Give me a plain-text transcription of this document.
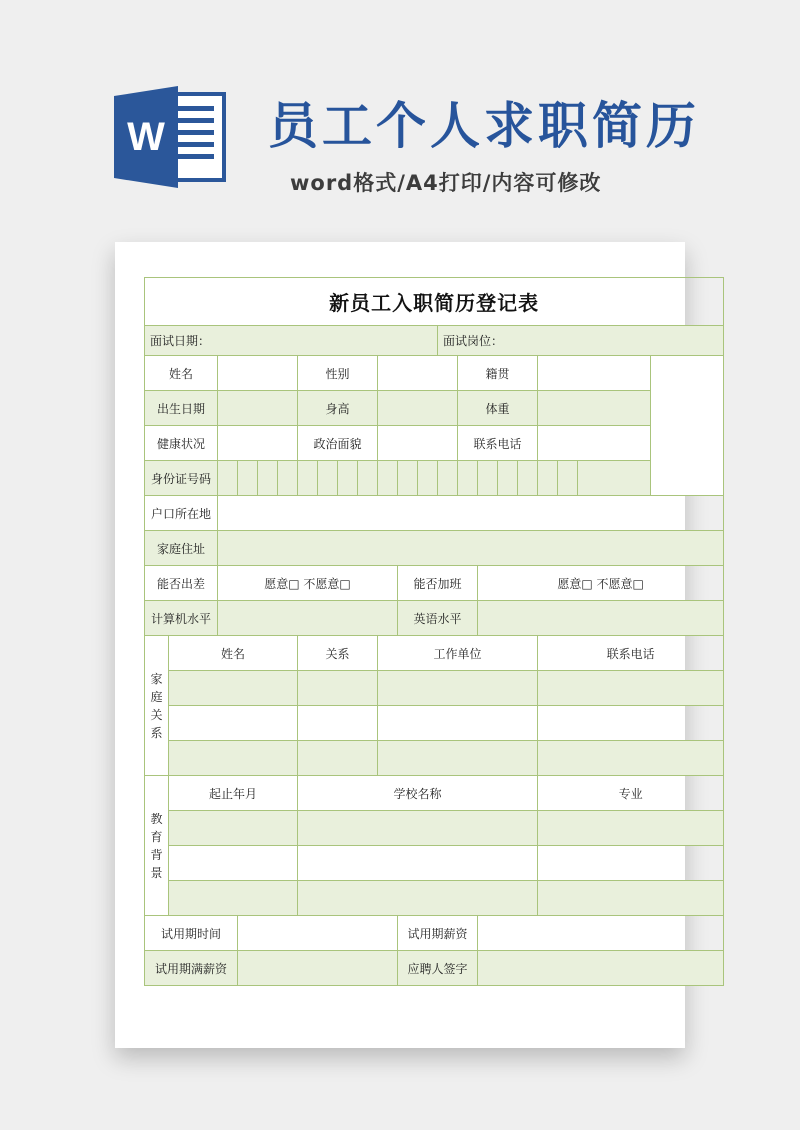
W 员工个人求职简历
word格式/A4打印/内容可修改
新员工入职简历登记表																					
面试日期：													面试岗位：								
姓名						性别								籍贯							
出生日期						身高								体重							
健康状况						政治面貌								联系电话							
身份证号码																					
户口所在地																					
家庭住址																					
能否出差		愿意□ 不愿意□									能否加班				愿意□ 不愿意□						
计算机水平											英语水平										

家
庭
关
系	姓名					关系				工作单位								联系电话			

教
育
背
景	起止年月					学校名称												专业			

试用期时间											试用期薪资										
试用期满薪资											应聘人签字										
